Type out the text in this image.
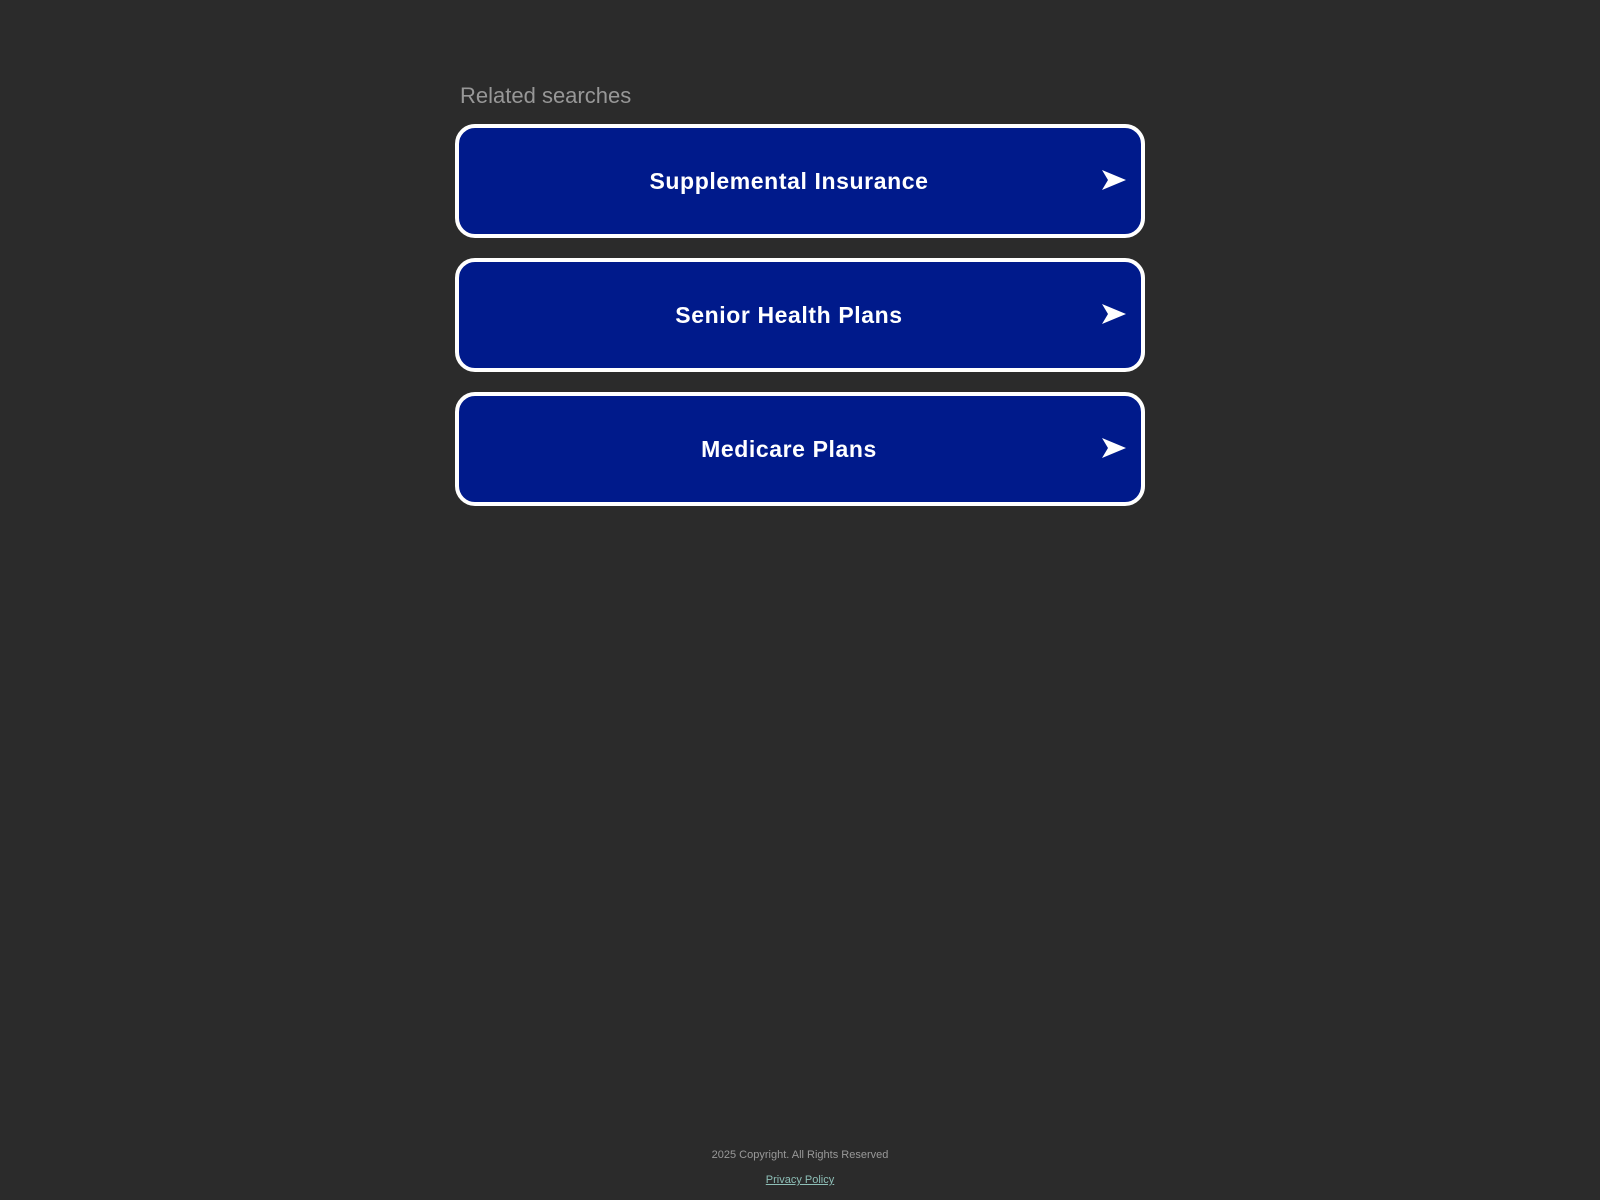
Related searches
Supplemental Insurance
Senior Health Plans
Medicare Plans
2025 Copyright. All Rights Reserved
Privacy Policy
